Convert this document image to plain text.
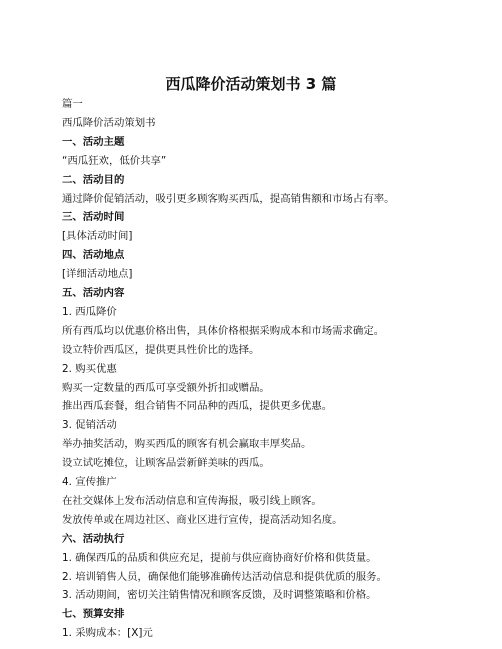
西瓜降价活动策划书 3 篇
篇一
西瓜降价活动策划书
一、活动主题
“西瓜狂欢，低价共享”
二、活动目的
通过降价促销活动，吸引更多顾客购买西瓜，提高销售额和市场占有率。
三、活动时间
[具体活动时间]
四、活动地点
[详细活动地点]
五、活动内容
1. 西瓜降价
所有西瓜均以优惠价格出售，具体价格根据采购成本和市场需求确定。
设立特价西瓜区，提供更具性价比的选择。
2. 购买优惠
购买一定数量的西瓜可享受额外折扣或赠品。
推出西瓜套餐，组合销售不同品种的西瓜，提供更多优惠。
3. 促销活动
举办抽奖活动，购买西瓜的顾客有机会赢取丰厚奖品。
设立试吃摊位，让顾客品尝新鲜美味的西瓜。
4. 宣传推广
在社交媒体上发布活动信息和宣传海报，吸引线上顾客。
发放传单或在周边社区、商业区进行宣传，提高活动知名度。
六、活动执行
1. 确保西瓜的品质和供应充足，提前与供应商协商好价格和供货量。
2. 培训销售人员，确保他们能够准确传达活动信息和提供优质的服务。
3. 活动期间，密切关注销售情况和顾客反馈，及时调整策略和价格。
七、预算安排
1. 采购成本：[X]元
